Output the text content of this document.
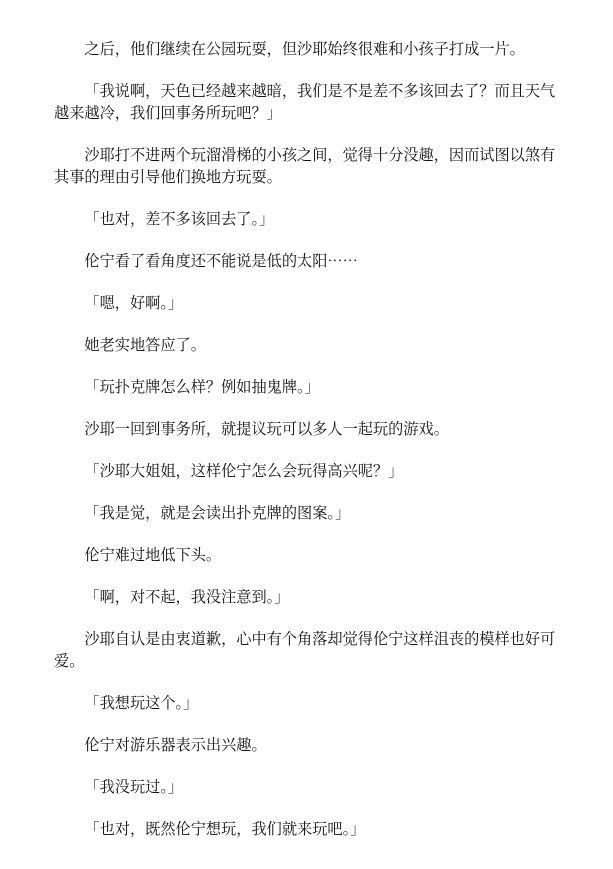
之后，他们继续在公园玩耍，但沙耶始终很难和小孩子打成一片。

「我说啊，天色已经越来越暗，我们是不是差不多该回去了？而且天气越来越冷，我们回事务所玩吧？」

沙耶打不进两个玩溜滑梯的小孩之间，觉得十分没趣，因而试图以煞有其事的理由引导他们换地方玩耍。

「也对，差不多该回去了。」

伦宁看了看角度还不能说是低的太阳⋯⋯

「嗯，好啊。」

她老实地答应了。

「玩扑克牌怎么样？例如抽鬼牌。」

沙耶一回到事务所，就提议玩可以多人一起玩的游戏。

「沙耶大姐姐，这样伦宁怎么会玩得高兴呢？」

「我是觉，就是会读出扑克牌的图案。」

伦宁难过地低下头。

「啊，对不起，我没注意到。」

沙耶自认是由衷道歉，心中有个角落却觉得伦宁这样沮丧的模样也好可爱。

「我想玩这个。」

伦宁对游乐器表示出兴趣。

「我没玩过。」

「也对，既然伦宁想玩，我们就来玩吧。」
